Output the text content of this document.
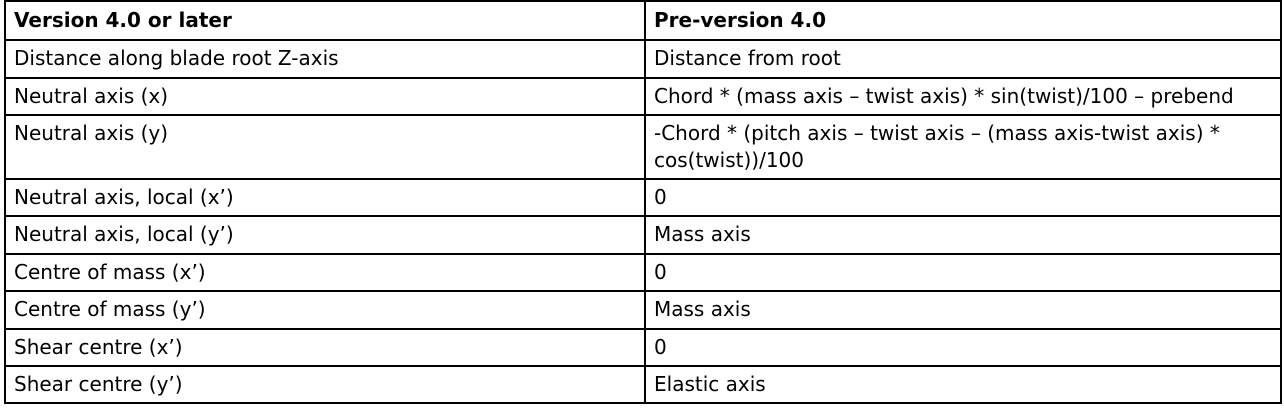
Version 4.0 or later	Pre-version 4.0
Distance along blade root Z-axis	Distance from root
Neutral axis (x)	Chord * (mass axis – twist axis) * sin(twist)/100 – prebend
Neutral axis (y)	-Chord * (pitch axis – twist axis – (mass axis-twist axis) * cos(twist))/100
Neutral axis, local (x’)	0
Neutral axis, local (y’)	Mass axis
Centre of mass (x’)	0
Centre of mass (y’)	Mass axis
Shear centre (x’)	0
Shear centre (y’)	Elastic axis
